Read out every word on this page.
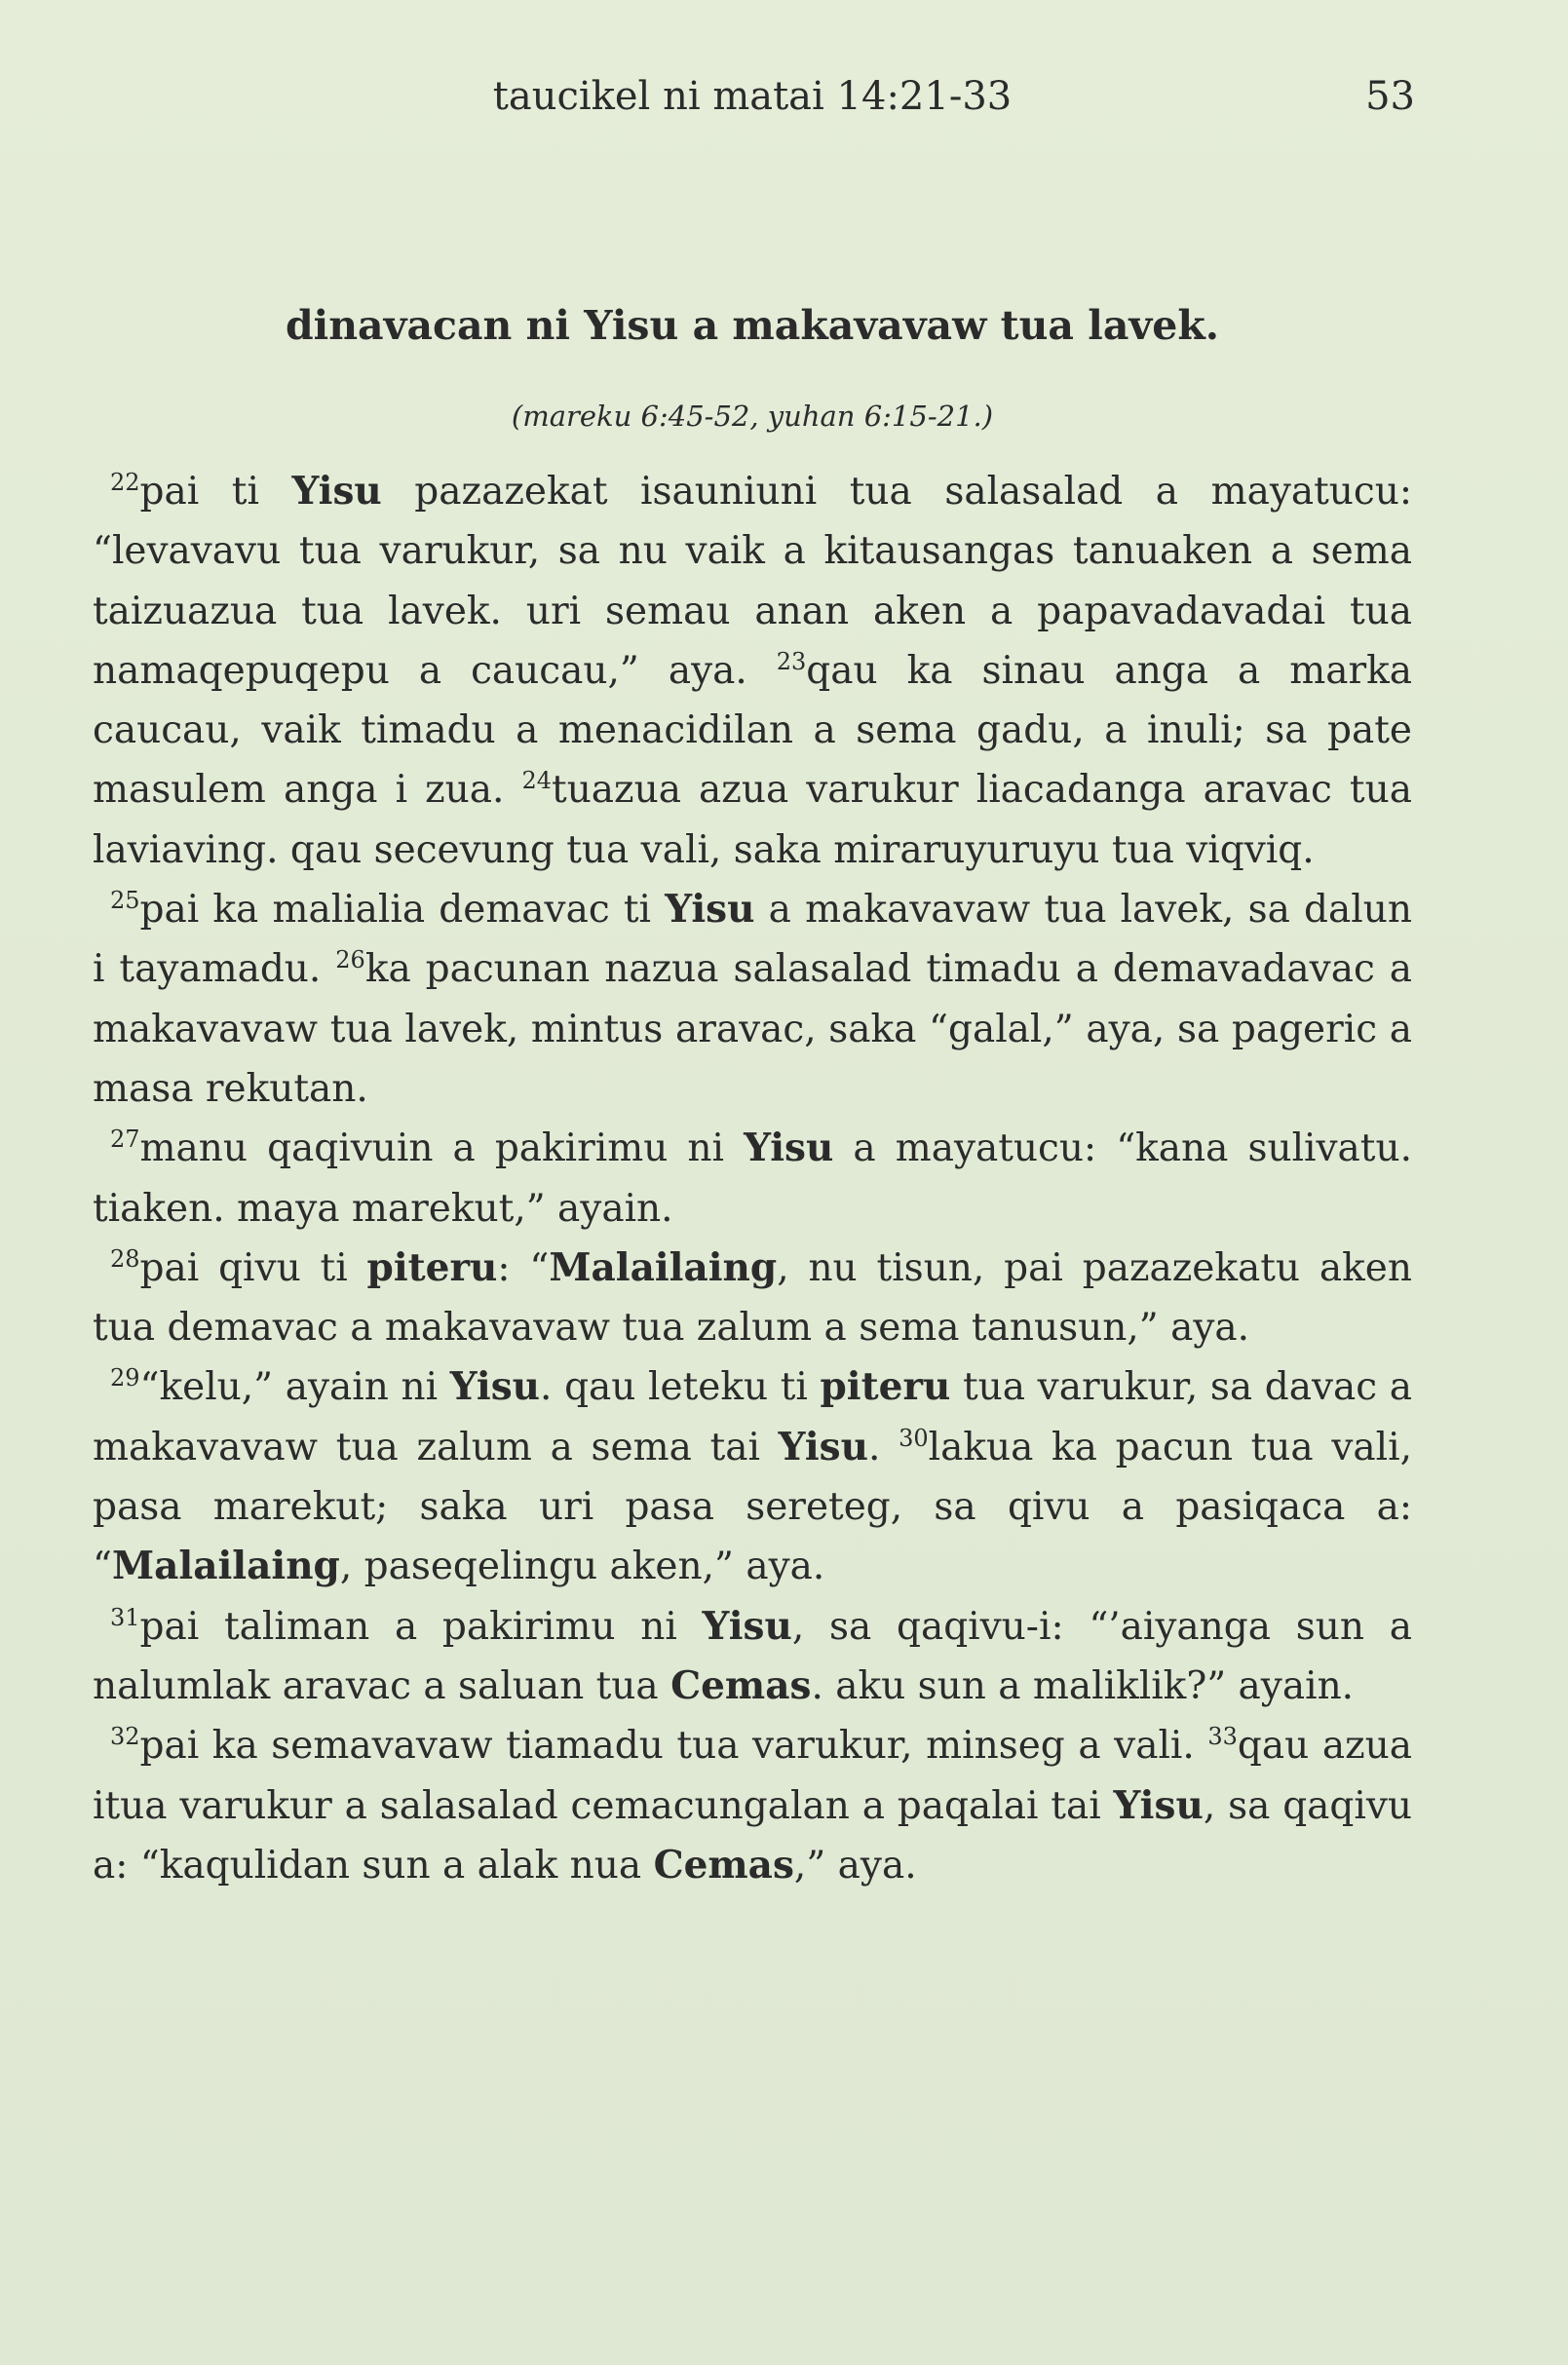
taucikel ni matai 14:21-33	53
dinavacan ni Yisu a makavavaw tua lavek.
(mareku 6:45-52, yuhan 6:15-21.)

$^{22}$pai ti Yisu pazazekat isauniuni tua salasalad a mayatucu: “levavavu tua varukur, sa nu vaik a kitausangas tanuaken a sema taizuazua tua lavek. uri semau anan aken a papavadavadai tua namaqepuqepu a caucau,” aya. $^{23}$qau ka sinau anga a marka caucau, vaik timadu a menacidilan a sema gadu, a inuli; sa pate masulem anga i zua. $^{24}$tuazua azua varukur liacadanga aravac tua laviaving. qau secevung tua vali, saka miraruyuruyu tua viqviq.

$^{25}$pai ka malialia demavac ti Yisu a makavavaw tua lavek, sa dalun i tayamadu. $^{26}$ka pacunan nazua salasalad timadu a demavadavac a makavavaw tua lavek, mintus aravac, saka “galal,” aya, sa pageric a masa rekutan.

$^{27}$manu qaqivuin a pakirimu ni Yisu a mayatucu: “kana sulivatu. tiaken. maya marekut,” ayain.

$^{28}$pai qivu ti piteru: “Malailaing, nu tisun, pai pazazekatu aken tua demavac a makavavaw tua zalum a sema tanusun,” aya.

$^{29}$“kelu,” ayain ni Yisu. qau leteku ti piteru tua varukur, sa davac a makavavaw tua zalum a sema tai Yisu. $^{30}$lakua ka pacun tua vali, pasa marekut; saka uri pasa sereteg, sa qivu a pasiqaca a: “Malailaing, paseqelingu aken,” aya.

$^{31}$pai taliman a pakirimu ni Yisu, sa qaqivu-i: “’aiyanga sun a nalumlak aravac a saluan tua Cemas. aku sun a maliklik?” ayain.

$^{32}$pai ka semavavaw tiamadu tua varukur, minseg a vali. $^{33}$qau azua itua varukur a salasalad cemacungalan a paqalai tai Yisu, sa qaqivu a: “kaqulidan sun a alak nua Cemas,” aya.
